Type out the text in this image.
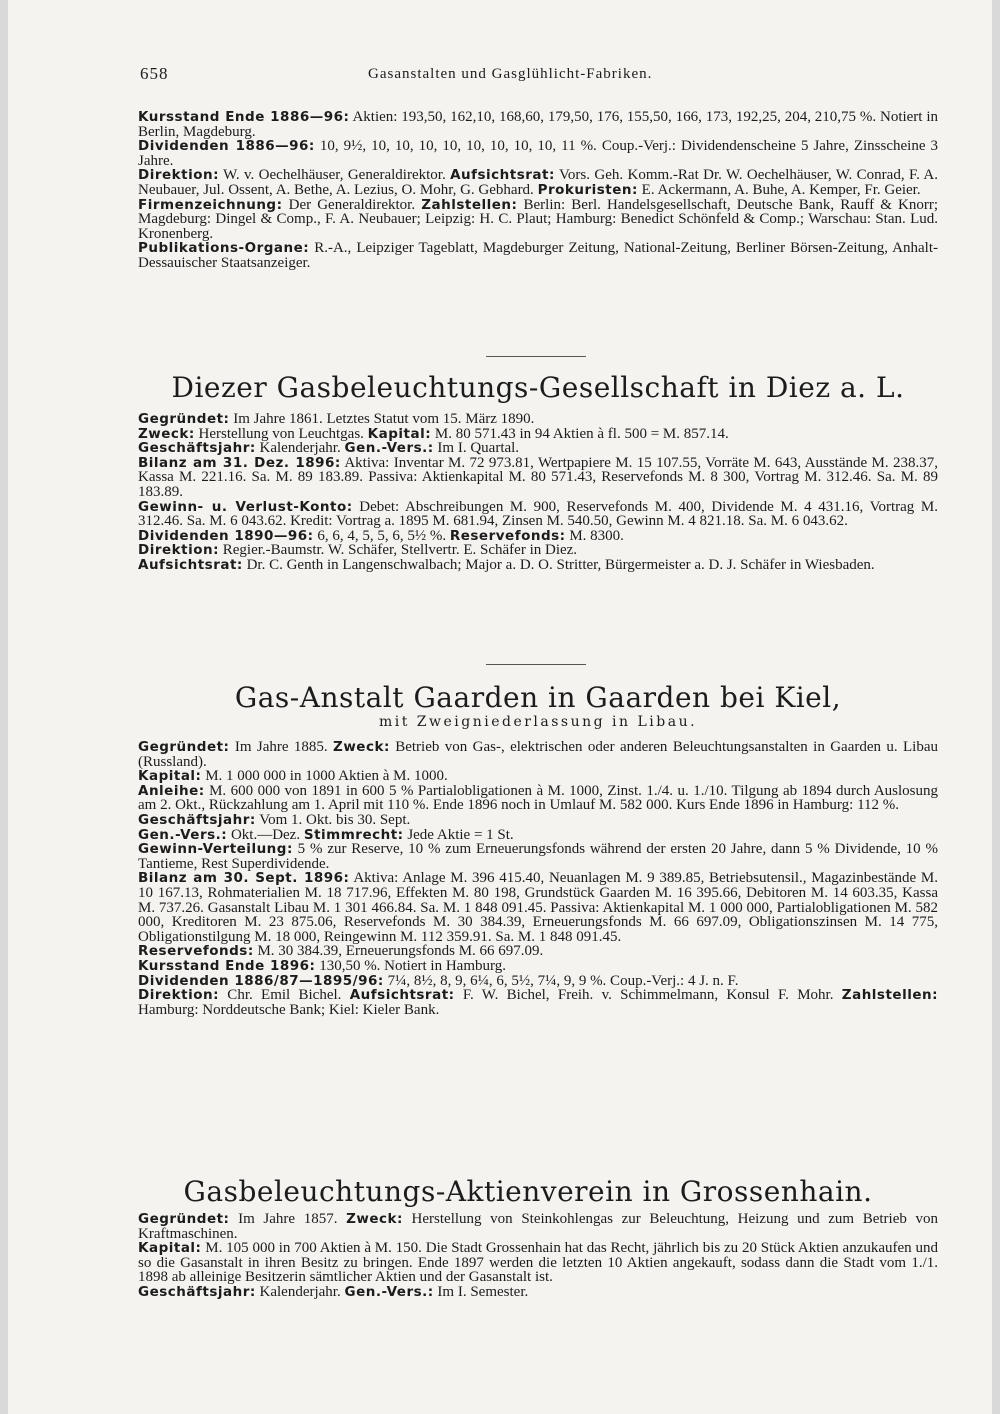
658	Gasanstalten und Gasglühlicht-Fabriken.

Kursstand Ende 1886—96: Aktien: 193,50, 162,10, 168,60, 179,50, 176, 155,50, 166, 173, 192,25, 204, 210,75 %. Notiert in Berlin, Magdeburg.

Dividenden 1886—96: 10, 9½, 10, 10, 10, 10, 10, 10, 10, 10, 11 %. Coup.-Verj.: Dividendenscheine 5 Jahre, Zinsscheine 3 Jahre.

Direktion: W. v. Oechelhäuser, Generaldirektor. Aufsichtsrat: Vors. Geh. Komm.-Rat Dr. W. Oechelhäuser, W. Conrad, F. A. Neubauer, Jul. Ossent, A. Bethe, A. Lezius, O. Mohr, G. Gebhard. Prokuristen: E. Ackermann, A. Buhe, A. Kemper, Fr. Geier.

Firmenzeichnung: Der Generaldirektor. Zahlstellen: Berlin: Berl. Handelsgesellschaft, Deutsche Bank, Rauff & Knorr; Magdeburg: Dingel & Comp., F. A. Neubauer; Leipzig: H. C. Plaut; Hamburg: Benedict Schönfeld & Comp.; Warschau: Stan. Lud. Kronenberg.

Publikations-Organe: R.-A., Leipziger Tageblatt, Magdeburger Zeitung, National-Zeitung, Berliner Börsen-Zeitung, Anhalt-Dessauischer Staatsanzeiger.

Diezer Gasbeleuchtungs-Gesellschaft in Diez a. L.

Gegründet: Im Jahre 1861. Letztes Statut vom 15. März 1890.

Zweck: Herstellung von Leuchtgas. Kapital: M. 80 571.43 in 94 Aktien à fl. 500 = M. 857.14.

Geschäftsjahr: Kalenderjahr. Gen.-Vers.: Im I. Quartal.

Bilanz am 31. Dez. 1896: Aktiva: Inventar M. 72 973.81, Wertpapiere M. 15 107.55, Vorräte M. 643, Ausstände M. 238.37, Kassa M. 221.16. Sa. M. 89 183.89. Passiva: Aktienkapital M. 80 571.43, Reservefonds M. 8 300, Vortrag M. 312.46. Sa. M. 89 183.89.

Gewinn- u. Verlust-Konto: Debet: Abschreibungen M. 900, Reservefonds M. 400, Dividende M. 4 431.16, Vortrag M. 312.46. Sa. M. 6 043.62. Kredit: Vortrag a. 1895 M. 681.94, Zinsen M. 540.50, Gewinn M. 4 821.18. Sa. M. 6 043.62.

Dividenden 1890—96: 6, 6, 4, 5, 5, 6, 5½ %. Reservefonds: M. 8300.

Direktion: Regier.-Baumstr. W. Schäfer, Stellvertr. E. Schäfer in Diez.

Aufsichtsrat: Dr. C. Genth in Langenschwalbach; Major a. D. O. Stritter, Bürgermeister a. D. J. Schäfer in Wiesbaden.

Gas-Anstalt Gaarden in Gaarden bei Kiel,
mit Zweigniederlassung in Libau.

Gegründet: Im Jahre 1885. Zweck: Betrieb von Gas-, elektrischen oder anderen Beleuchtungsanstalten in Gaarden u. Libau (Russland).

Kapital: M. 1 000 000 in 1000 Aktien à M. 1000.

Anleihe: M. 600 000 von 1891 in 600 5 % Partialobligationen à M. 1000, Zinst. 1./4. u. 1./10. Tilgung ab 1894 durch Auslosung am 2. Okt., Rückzahlung am 1. April mit 110 %. Ende 1896 noch in Umlauf M. 582 000. Kurs Ende 1896 in Hamburg: 112 %.

Geschäftsjahr: Vom 1. Okt. bis 30. Sept.

Gen.-Vers.: Okt.—Dez. Stimmrecht: Jede Aktie = 1 St.

Gewinn-Verteilung: 5 % zur Reserve, 10 % zum Erneuerungsfonds während der ersten 20 Jahre, dann 5 % Dividende, 10 % Tantieme, Rest Superdividende.

Bilanz am 30. Sept. 1896: Aktiva: Anlage M. 396 415.40, Neuanlagen M. 9 389.85, Betriebsutensil., Magazinbestände M. 10 167.13, Rohmaterialien M. 18 717.96, Effekten M. 80 198, Grundstück Gaarden M. 16 395.66, Debitoren M. 14 603.35, Kassa M. 737.26. Gasanstalt Libau M. 1 301 466.84. Sa. M. 1 848 091.45. Passiva: Aktienkapital M. 1 000 000, Partialobligationen M. 582 000, Kreditoren M. 23 875.06, Reservefonds M. 30 384.39, Erneuerungsfonds M. 66 697.09, Obligationszinsen M. 14 775, Obligationstilgung M. 18 000, Reingewinn M. 112 359.91. Sa. M. 1 848 091.45.

Reservefonds: M. 30 384.39, Erneuerungsfonds M. 66 697.09.

Kursstand Ende 1896: 130,50 %. Notiert in Hamburg.

Dividenden 1886/87—1895/96: 7¼, 8½, 8, 9, 6¼, 6, 5½, 7¼, 9, 9 %. Coup.-Verj.: 4 J. n. F.

Direktion: Chr. Emil Bichel. Aufsichtsrat: F. W. Bichel, Freih. v. Schimmelmann, Konsul F. Mohr. Zahlstellen: Hamburg: Norddeutsche Bank; Kiel: Kieler Bank.

Gasbeleuchtungs-Aktienverein in Grossenhain.

Gegründet: Im Jahre 1857. Zweck: Herstellung von Steinkohlengas zur Beleuchtung, Heizung und zum Betrieb von Kraftmaschinen.

Kapital: M. 105 000 in 700 Aktien à M. 150. Die Stadt Grossenhain hat das Recht, jährlich bis zu 20 Stück Aktien anzukaufen und so die Gasanstalt in ihren Besitz zu bringen. Ende 1897 werden die letzten 10 Aktien angekauft, sodass dann die Stadt vom 1./1. 1898 ab alleinige Besitzerin sämtlicher Aktien und der Gasanstalt ist.

Geschäftsjahr: Kalenderjahr. Gen.-Vers.: Im I. Semester.
